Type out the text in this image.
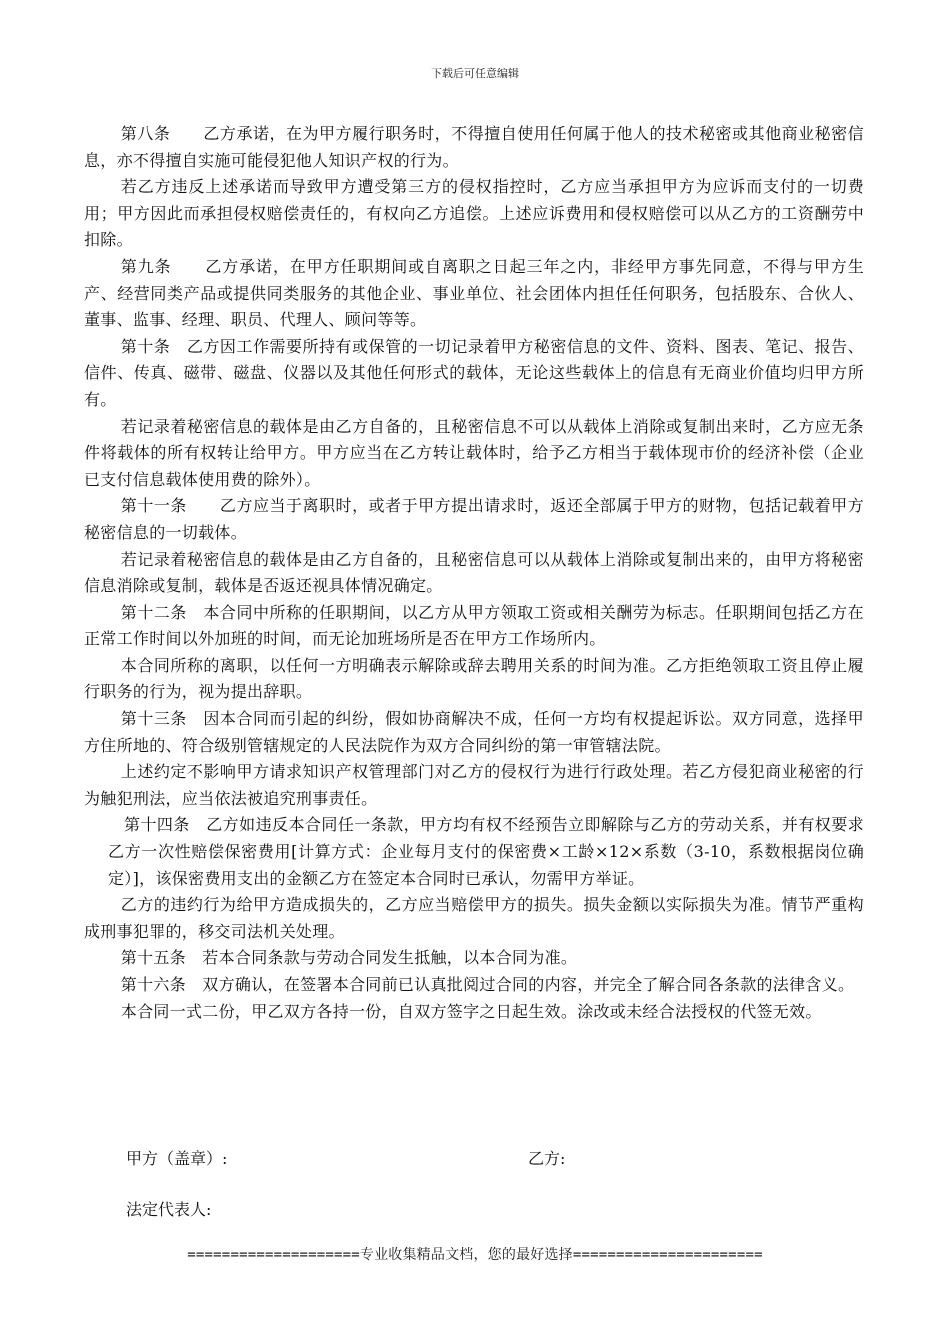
下载后可任意编辑

第八条　　乙方承诺，在为甲方履行职务时，不得擅自使用任何属于他人的技术秘密或其他商业秘密信息，亦不得擅自实施可能侵犯他人知识产权的行为。

若乙方违反上述承诺而导致甲方遭受第三方的侵权指控时，乙方应当承担甲方为应诉而支付的一切费用；甲方因此而承担侵权赔偿责任的，有权向乙方追偿。上述应诉费用和侵权赔偿可以从乙方的工资酬劳中扣除。

第九条　　乙方承诺，在甲方任职期间或自离职之日起三年之内，非经甲方事先同意，不得与甲方生产、经营同类产品或提供同类服务的其他企业、事业单位、社会团体内担任任何职务，包括股东、合伙人、董事、监事、经理、职员、代理人、顾问等等。

第十条　乙方因工作需要所持有或保管的一切记录着甲方秘密信息的文件、资料、图表、笔记、报告、信件、传真、磁带、磁盘、仪器以及其他任何形式的载体，无论这些载体上的信息有无商业价值均归甲方所有。

若记录着秘密信息的载体是由乙方自备的，且秘密信息不可以从载体上消除或复制出来时，乙方应无条件将载体的所有权转让给甲方。甲方应当在乙方转让载体时，给予乙方相当于载体现市价的经济补偿（企业已支付信息载体使用费的除外）。

第十一条　　乙方应当于离职时，或者于甲方提出请求时，返还全部属于甲方的财物，包括记载着甲方秘密信息的一切载体。

若记录着秘密信息的载体是由乙方自备的，且秘密信息可以从载体上消除或复制出来的，由甲方将秘密信息消除或复制，载体是否返还视具体情况确定。

第十二条　本合同中所称的任职期间，以乙方从甲方领取工资或相关酬劳为标志。任职期间包括乙方在正常工作时间以外加班的时间，而无论加班场所是否在甲方工作场所内。

本合同所称的离职，以任何一方明确表示解除或辞去聘用关系的时间为准。乙方拒绝领取工资且停止履行职务的行为，视为提出辞职。

第十三条　因本合同而引起的纠纷，假如协商解决不成，任何一方均有权提起诉讼。双方同意，选择甲方住所地的、符合级别管辖规定的人民法院作为双方合同纠纷的第一审管辖法院。

上述约定不影响甲方请求知识产权管理部门对乙方的侵权行为进行行政处理。若乙方侵犯商业秘密的行为触犯刑法，应当依法被追究刑事责任。

第十四条　乙方如违反本合同任一条款，甲方均有权不经预告立即解除与乙方的劳动关系，并有权要求乙方一次性赔偿保密费用[计算方式：企业每月支付的保密费×工龄×12×系数（3-10，系数根据岗位确定）]，该保密费用支出的金额乙方在签定本合同时已承认，勿需甲方举证。

乙方的违约行为给甲方造成损失的，乙方应当赔偿甲方的损失。损失金额以实际损失为准。情节严重构成刑事犯罪的，移交司法机关处理。

第十五条　若本合同条款与劳动合同发生抵触，以本合同为准。

第十六条　双方确认，在签署本合同前已认真批阅过合同的内容，并完全了解合同各条款的法律含义。

本合同一式二份，甲乙双方各持一份，自双方签字之日起生效。涂改或未经合法授权的代签无效。

甲方（盖章）:	乙方:
法定代表人:
====================专业收集精品文档，您的最好选择======================
